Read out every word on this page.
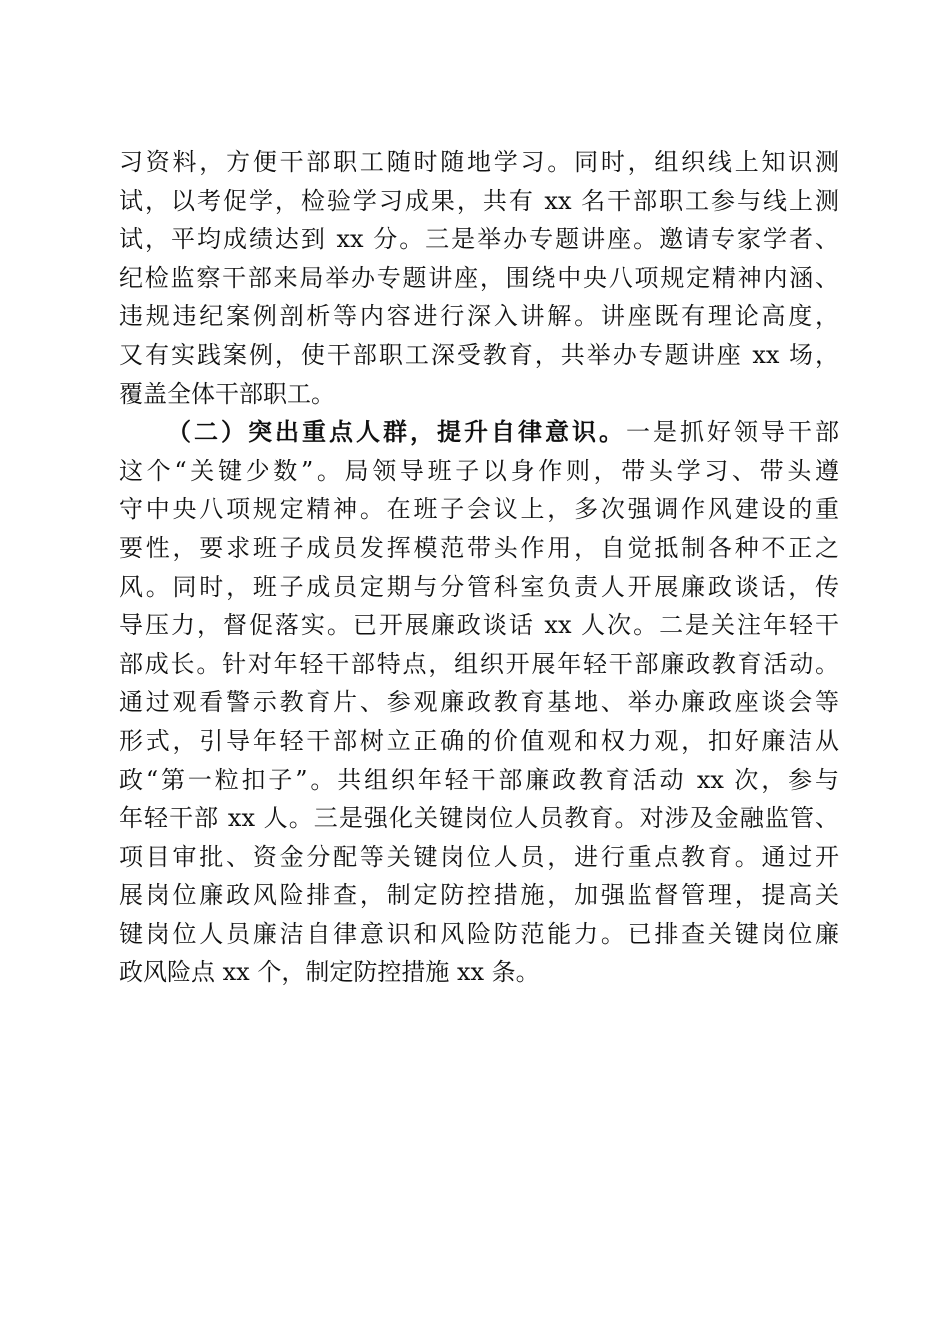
习资料，方便干部职工随时随地学习。同时，组织线上知识测
试，以考促学，检验学习成果，共有 xx 名干部职工参与线上测
试，平均成绩达到 xx 分。三是举办专题讲座。邀请专家学者、
纪检监察干部来局举办专题讲座，围绕中央八项规定精神内涵、
违规违纪案例剖析等内容进行深入讲解。讲座既有理论高度，
又有实践案例，使干部职工深受教育，共举办专题讲座 xx 场，
覆盖全体干部职工。
（二）突出重点人群，提升自律意识。一是抓好领导干部
这个“关键少数”。局领导班子以身作则，带头学习、带头遵
守中央八项规定精神。在班子会议上，多次强调作风建设的重
要性，要求班子成员发挥模范带头作用，自觉抵制各种不正之
风。同时，班子成员定期与分管科室负责人开展廉政谈话，传
导压力，督促落实。已开展廉政谈话 xx 人次。二是关注年轻干
部成长。针对年轻干部特点，组织开展年轻干部廉政教育活动。
通过观看警示教育片、参观廉政教育基地、举办廉政座谈会等
形式，引导年轻干部树立正确的价值观和权力观，扣好廉洁从
政“第一粒扣子”。共组织年轻干部廉政教育活动 xx 次，参与
年轻干部 xx 人。三是强化关键岗位人员教育。对涉及金融监管、
项目审批、资金分配等关键岗位人员，进行重点教育。通过开
展岗位廉政风险排查，制定防控措施，加强监督管理，提高关
键岗位人员廉洁自律意识和风险防范能力。已排查关键岗位廉
政风险点 xx 个，制定防控措施 xx 条。
